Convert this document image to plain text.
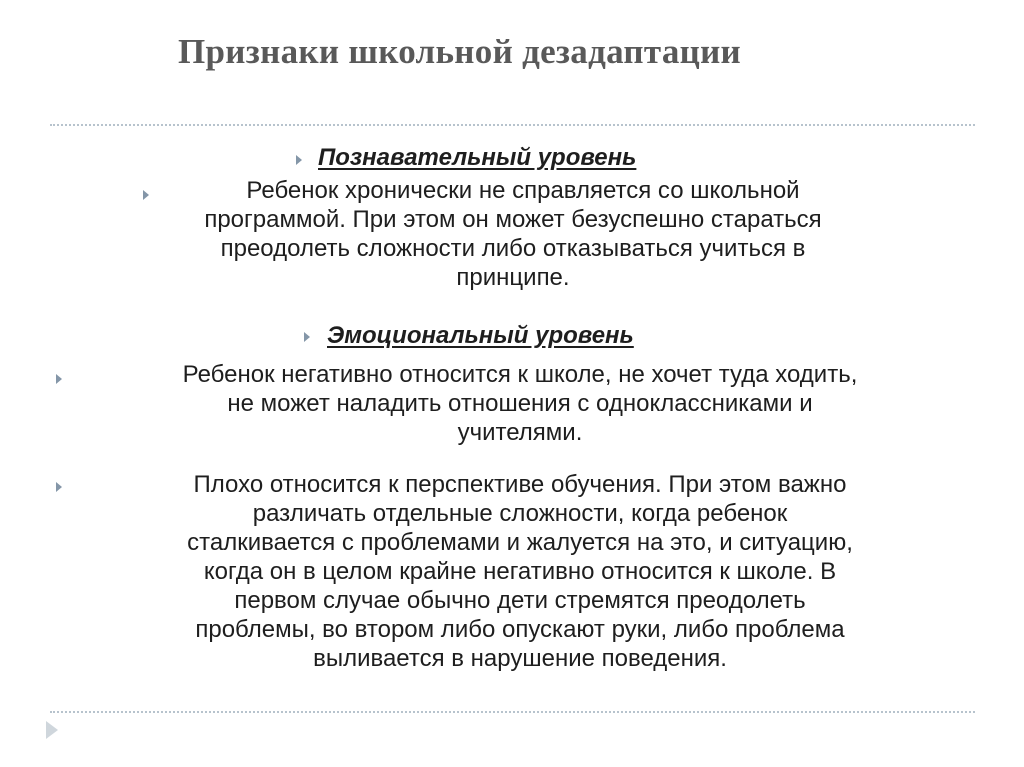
Признаки школьной дезадаптации

Познавательный уровень

Ребенок хронически не справляется со школьной
программой. При этом он может безуспешно стараться
преодолеть сложности либо отказываться учиться в
принципе.

Эмоциональный уровень

Ребенок негативно относится к школе, не хочет туда ходить,
не может наладить отношения с одноклассниками и
учителями.
Плохо относится к перспективе обучения. При этом важно
различать отдельные сложности, когда ребенок
сталкивается с проблемами и жалуется на это, и ситуацию,
когда он в целом крайне негативно относится к школе. В
первом случае обычно дети стремятся преодолеть
проблемы, во втором либо опускают руки, либо проблема
выливается в нарушение поведения.
